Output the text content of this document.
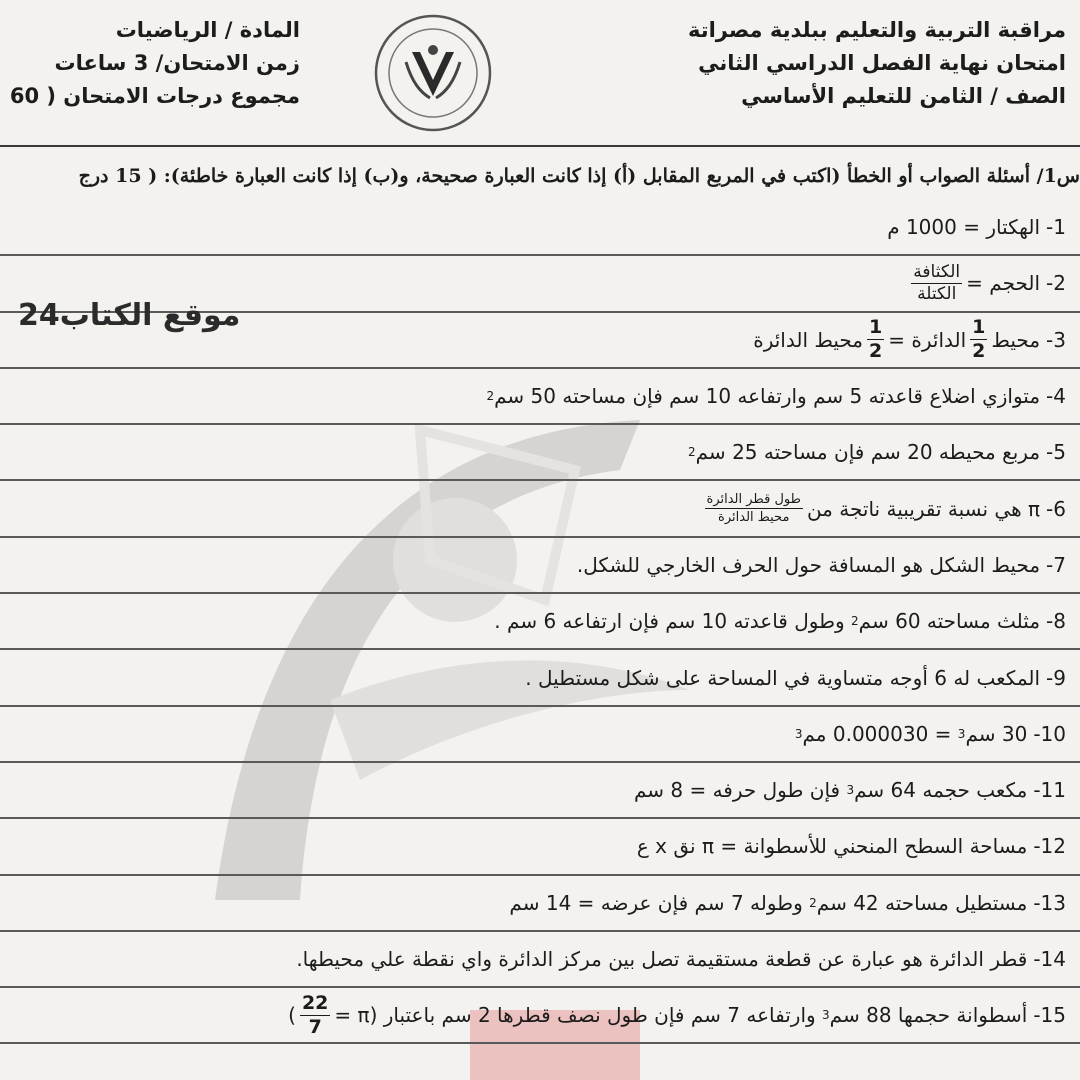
مراقبة التربية والتعليم ببلدية مصراتة
امتحان نهاية الفصل الدراسي الثاني
الصف / الثامن للتعليم الأساسي
المادة / الرياضيات
زمن الامتحان/ 3 ساعات
مجموع درجات الامتحان ( 60
س1/ أسئلة الصواب أو الخطأ (اكتب في المربع المقابل (أ) إذا كانت العبارة صحيحة، و(ب) إذا كانت العبارة خاطئة): ( 15 درج
1-
الهكتار = 1000 م
2-
الحجم =
$\frac{\text{الكثافة}}{\text{الكتلة}}$
3-
محيط
$\frac{1}{2}$
الدائرة =
$\frac{1}{2}$
محيط الدائرة
4-
متوازي اضلاع قاعدته 5 سم وارتفاعه 10 سم فإن مساحته 50 سم
2
5-
مربع محيطه 20 سم فإن مساحته 25 سم
2
6-
π هي نسبة تقريبية ناتجة من
$\frac{\text{طول قطر الدائرة}}{\text{محيط الدائرة}}$
7-
محيط الشكل هو المسافة حول الحرف الخارجي للشكل.
8-
مثلث مساحته 60 سم
2

وطول قاعدته 10 سم فإن ارتفاعه 6 سم .
9-
المكعب له 6 أوجه متساوية في المساحة على شكل مستطيل .
10-
30 سم
3

= 0.000030 مم
3
11-
مكعب حجمه 64 سم
3

فإن طول حرفه = 8 سم
12-
مساحة السطح المنحني للأسطوانة = π نق x ع
13-
مستطيل مساحته 42 سم
2

وطوله 7 سم فإن عرضه = 14 سم
14-
قطر الدائرة هو عبارة عن قطعة مستقيمة تصل بين مركز الدائرة واي نقطة علي محيطها.
15-
أسطوانة حجمها 88 سم
3

وارتفاعه 7 سم فإن طول نصف قطرها 2 سم باعتبار (π =
$\frac{22}{7}$
)
موقع الكتاب24
